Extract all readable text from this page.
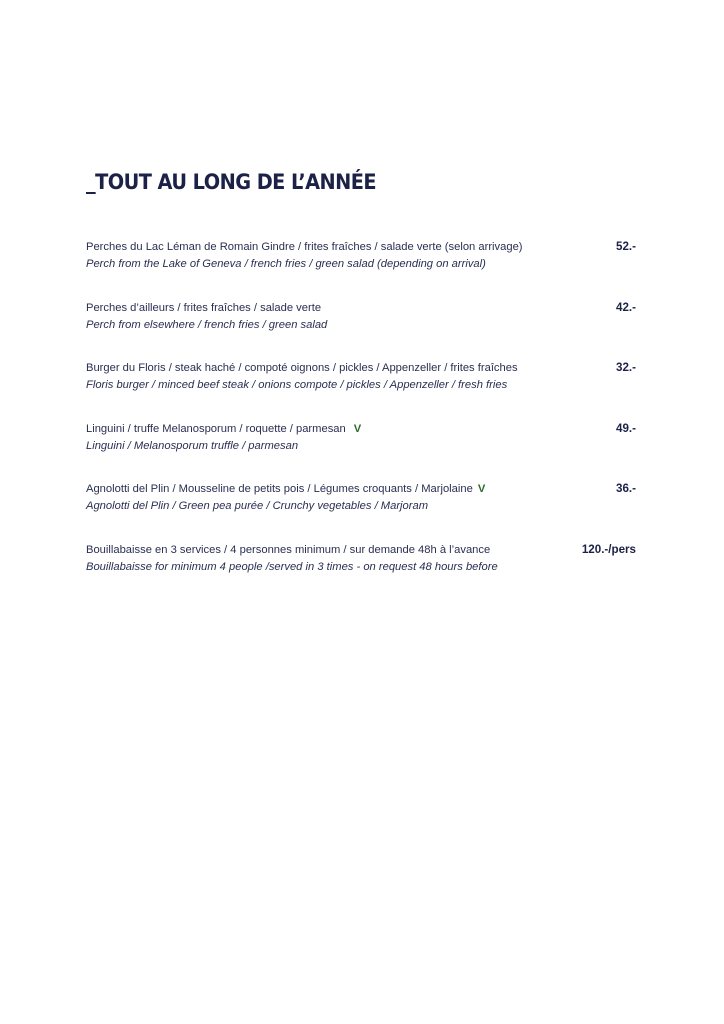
_TOUT AU LONG DE L’ANNÉE
Perches du Lac Léman de Romain Gindre / frites fraîches / salade verte (selon arrivage)
Perch from the Lake of Geneva / french fries / green salad (depending on arrival)
52.-
Perches d’ailleurs / frites fraîches / salade verte
Perch from elsewhere / french fries / green salad
42.-
Burger du Floris / steak haché / compoté oignons / pickles / Appenzeller / frites fraîches
Floris burger / minced beef steak / onions compote / pickles / Appenzeller / fresh fries
32.-
Linguini / truffe Melanosporum / roquette / parmesan V
Linguini / Melanosporum truffle / parmesan
49.-
Agnolotti del Plin / Mousseline de petits pois / Légumes croquants / Marjolaine V
Agnolotti del Plin / Green pea purée / Crunchy vegetables / Marjoram
36.-
Bouillabaisse en 3 services / 4 personnes minimum / sur demande 48h à l’avance
Bouillabaisse for minimum 4 people /served in 3 times - on request 48 hours before
120.-/pers
